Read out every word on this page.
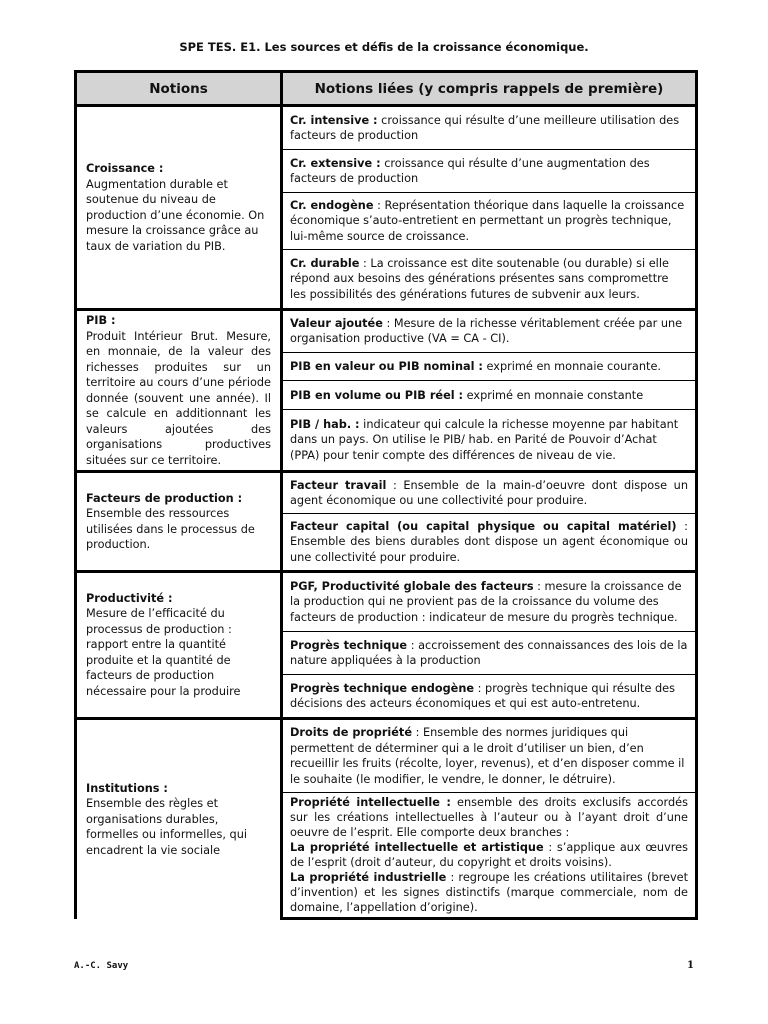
SPE TES. E1. Les sources et défis de la croissance économique.
Notions	Notions liées (y compris rappels de première)
Croissance :
Augmentation durable et soutenue du niveau de production d’une économie. On mesure la croissance grâce au taux de variation du PIB.	Cr. intensive : croissance qui résulte d’une meilleure utilisation des facteurs de production
	Cr. extensive : croissance qui résulte d’une augmentation des facteurs de production
	Cr. endogène : Représentation théorique dans laquelle la croissance économique s’auto-entretient en permettant un progrès technique, lui-même source de croissance.
	Cr. durable : La croissance est dite soutenable (ou durable) si elle répond aux besoins des générations présentes sans compromettre les possibilités des générations futures de subvenir aux leurs.
PIB :
Produit Intérieur Brut. Mesure, en monnaie, de la valeur des richesses produites sur un territoire au cours d’une période donnée (souvent une année). Il se calcule en additionnant les valeurs ajoutées des organisations productives situées sur ce territoire.	Valeur ajoutée : Mesure de la richesse véritablement créée par une organisation productive (VA = CA - CI).
	PIB en valeur ou PIB nominal : exprimé en monnaie courante.
	PIB en volume ou PIB réel : exprimé en monnaie constante
	PIB / hab. : indicateur qui calcule la richesse moyenne par habitant dans un pays. On utilise le PIB/ hab. en Parité de Pouvoir d’Achat (PPA) pour tenir compte des différences de niveau de vie.
Facteurs de production :
Ensemble des ressources utilisées dans le processus de production.	Facteur travail : Ensemble de la main-d’oeuvre dont dispose un agent économique ou une collectivité pour produire.
	Facteur capital (ou capital physique ou capital matériel) : Ensemble des biens durables dont dispose un agent économique ou une collectivité pour produire.
Productivité :
Mesure de l’efficacité du processus de production : rapport entre la quantité produite et la quantité de facteurs de production nécessaire pour la produire	PGF, Productivité globale des facteurs : mesure la croissance de la production qui ne provient pas de la croissance du volume des facteurs de production : indicateur de mesure du progrès technique.
	Progrès technique : accroissement des connaissances des lois de la nature appliquées à la production
	Progrès technique endogène : progrès technique qui résulte des décisions des acteurs économiques et qui est auto-entretenu.
Institutions :
Ensemble des règles et organisations durables, formelles ou informelles, qui encadrent la vie sociale	Droits de propriété : Ensemble des normes juridiques qui permettent de déterminer qui a le droit d’utiliser un bien, d’en recueillir les fruits (récolte, loyer, revenus), et d’en disposer comme il le souhaite (le modifier, le vendre, le donner, le détruire).
	Propriété intellectuelle : ensemble des droits exclusifs accordés sur les créations intellectuelles à l’auteur ou à l’ayant droit d’une oeuvre de l’esprit. Elle comporte deux branches :
La propriété intellectuelle et artistique : s’applique aux œuvres de l’esprit (droit d’auteur, du copyright et droits voisins).
La propriété industrielle : regroupe les créations utilitaires (brevet d’invention) et les signes distinctifs (marque commerciale, nom de domaine, l’appellation d’origine).
A.-C. Savy	1
